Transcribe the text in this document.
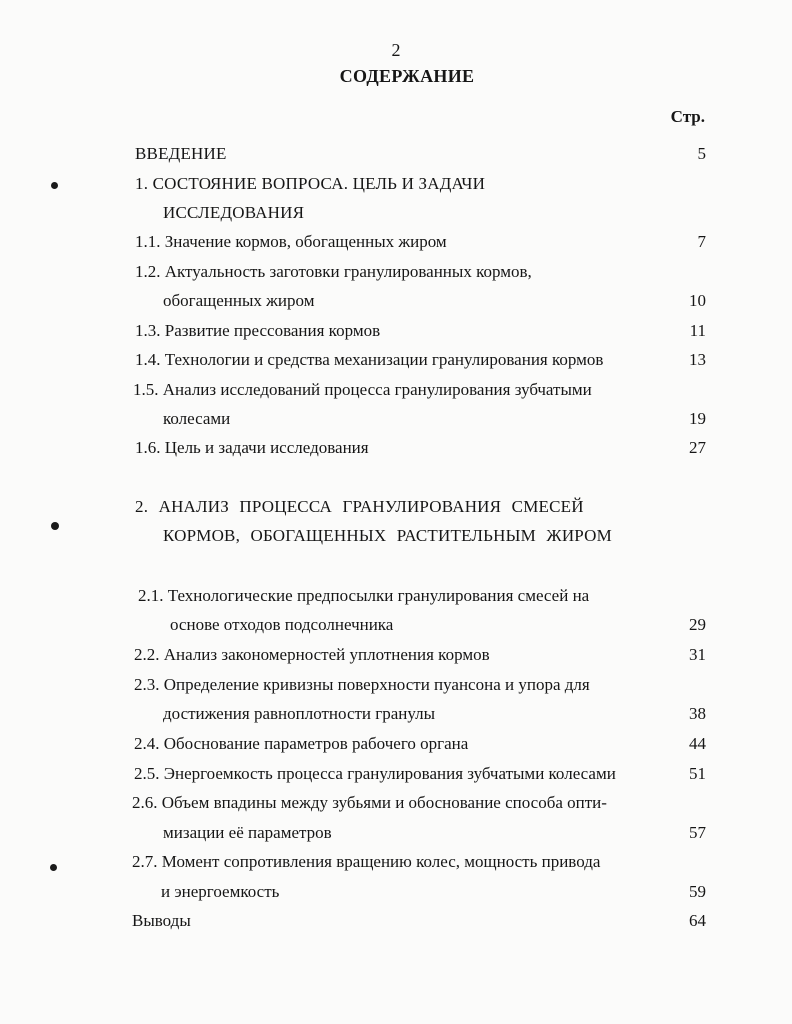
2
СОДЕРЖАНИЕ
Стр.
ВВЕДЕНИЕ	5
1. СОСТОЯНИЕ ВОПРОСА. ЦЕЛЬ И ЗАДАЧИ
ИССЛЕДОВАНИЯ
1.1. Значение кормов, обогащенных жиром	7
1.2. Актуальность заготовки гранулированных кормов,
обогащенных жиром	10
1.3. Развитие прессования кормов	11
1.4. Технологии и средства механизации гранулирования кормов	13
1.5. Анализ исследований процесса гранулирования зубчатыми
колесами	19
1.6. Цель и задачи исследования	27
2. АНАЛИЗ ПРОЦЕССА ГРАНУЛИРОВАНИЯ СМЕСЕЙ
КОРМОВ, ОБОГАЩЕННЫХ РАСТИТЕЛЬНЫМ ЖИРОМ
2.1. Технологические предпосылки гранулирования смесей на
основе отходов подсолнечника	29
2.2. Анализ закономерностей уплотнения кормов	31
2.3. Определение кривизны поверхности пуансона и упора для
достижения равноплотности гранулы	38
2.4. Обоснование параметров рабочего органа	44
2.5. Энергоемкость процесса гранулирования зубчатыми колесами	51
2.6. Объем впадины между зубьями и обоснование способа опти-
мизации её параметров	57
2.7. Момент сопротивления вращению колес, мощность привода
и энергоемкость	59
Выводы	64
